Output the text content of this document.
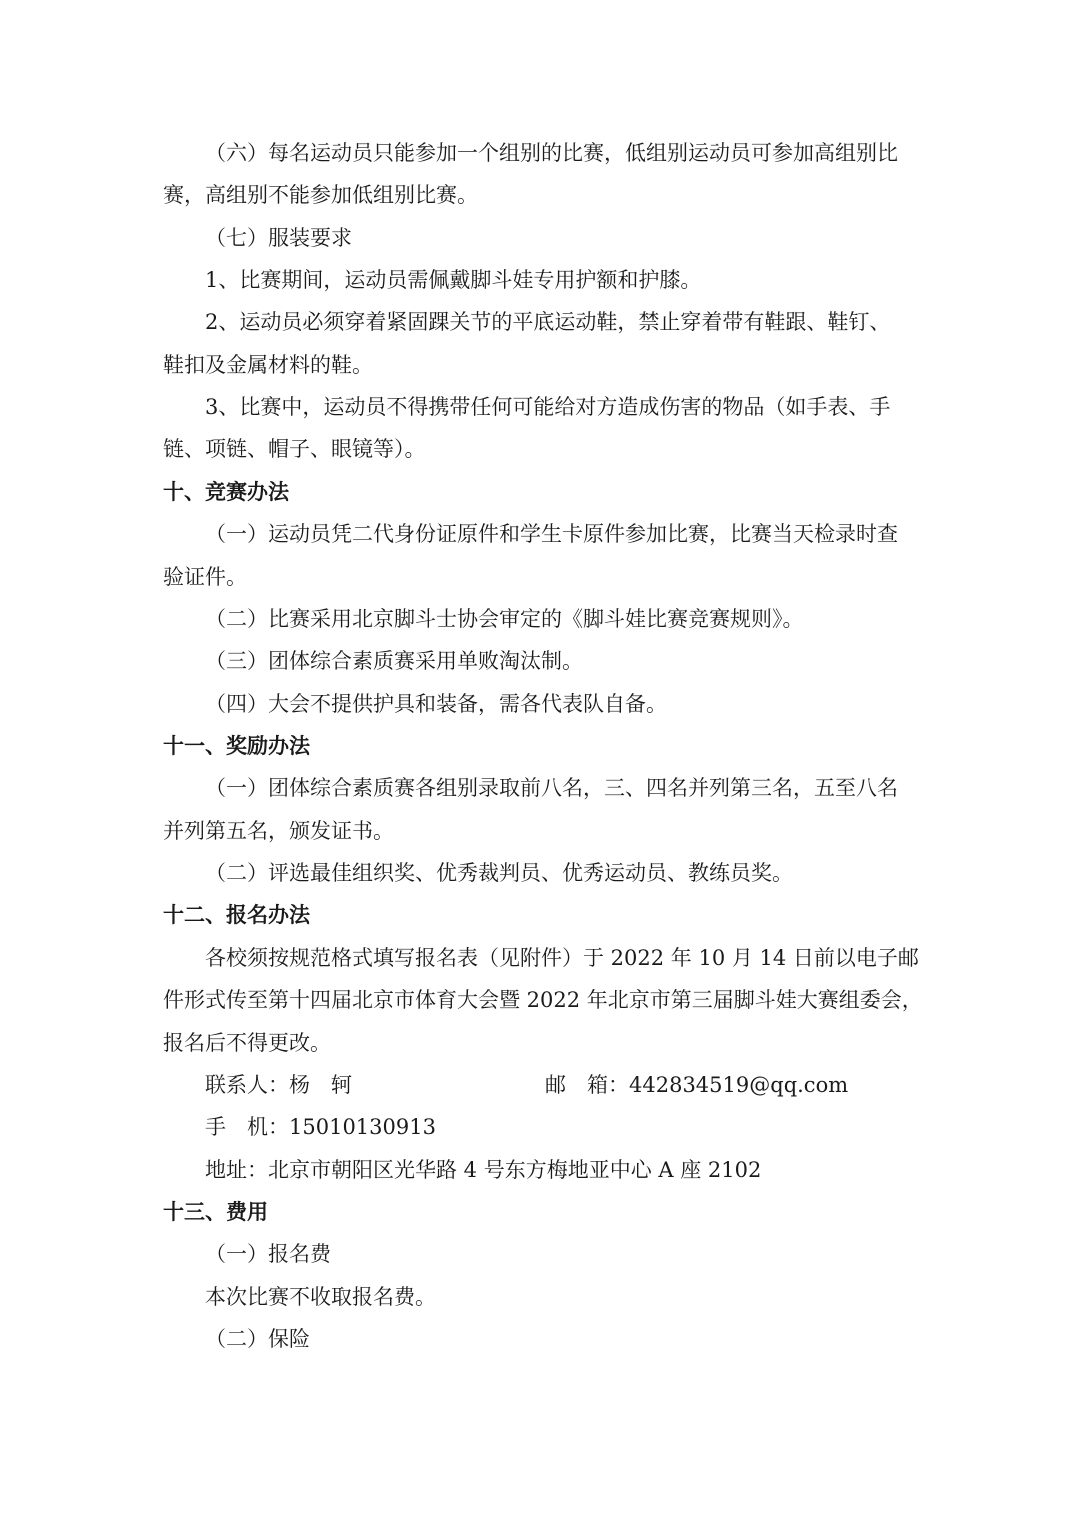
（六）每名运动员只能参加一个组别的比赛，低组别运动员可参加高组别比
赛，高组别不能参加低组别比赛。
（七）服装要求
1、比赛期间，运动员需佩戴脚斗娃专用护额和护膝。
2、运动员必须穿着紧固踝关节的平底运动鞋，禁止穿着带有鞋跟、鞋钉、
鞋扣及金属材料的鞋。
3、比赛中，运动员不得携带任何可能给对方造成伤害的物品（如手表、手
链、项链、帽子、眼镜等）。
十、竞赛办法
（一）运动员凭二代身份证原件和学生卡原件参加比赛，比赛当天检录时查
验证件。
（二）比赛采用北京脚斗士协会审定的《脚斗娃比赛竞赛规则》。
（三）团体综合素质赛采用单败淘汰制。
（四）大会不提供护具和装备，需各代表队自备。
十一、奖励办法
（一）团体综合素质赛各组别录取前八名，三、四名并列第三名，五至八名
并列第五名，颁发证书。
（二）评选最佳组织奖、优秀裁判员、优秀运动员、教练员奖。
十二、报名办法
各校须按规范格式填写报名表（见附件）于 2022 年 10 月 14 日前以电子邮
件形式传至第十四届北京市体育大会暨 2022 年北京市第三届脚斗娃大赛组委会，
报名后不得更改。
联系人：杨　轲	邮　箱：442834519@qq.com
手　机：15010130913
地址：北京市朝阳区光华路 4 号东方梅地亚中心 A 座 2102
十三、费用
（一）报名费
本次比赛不收取报名费。
（二）保险
